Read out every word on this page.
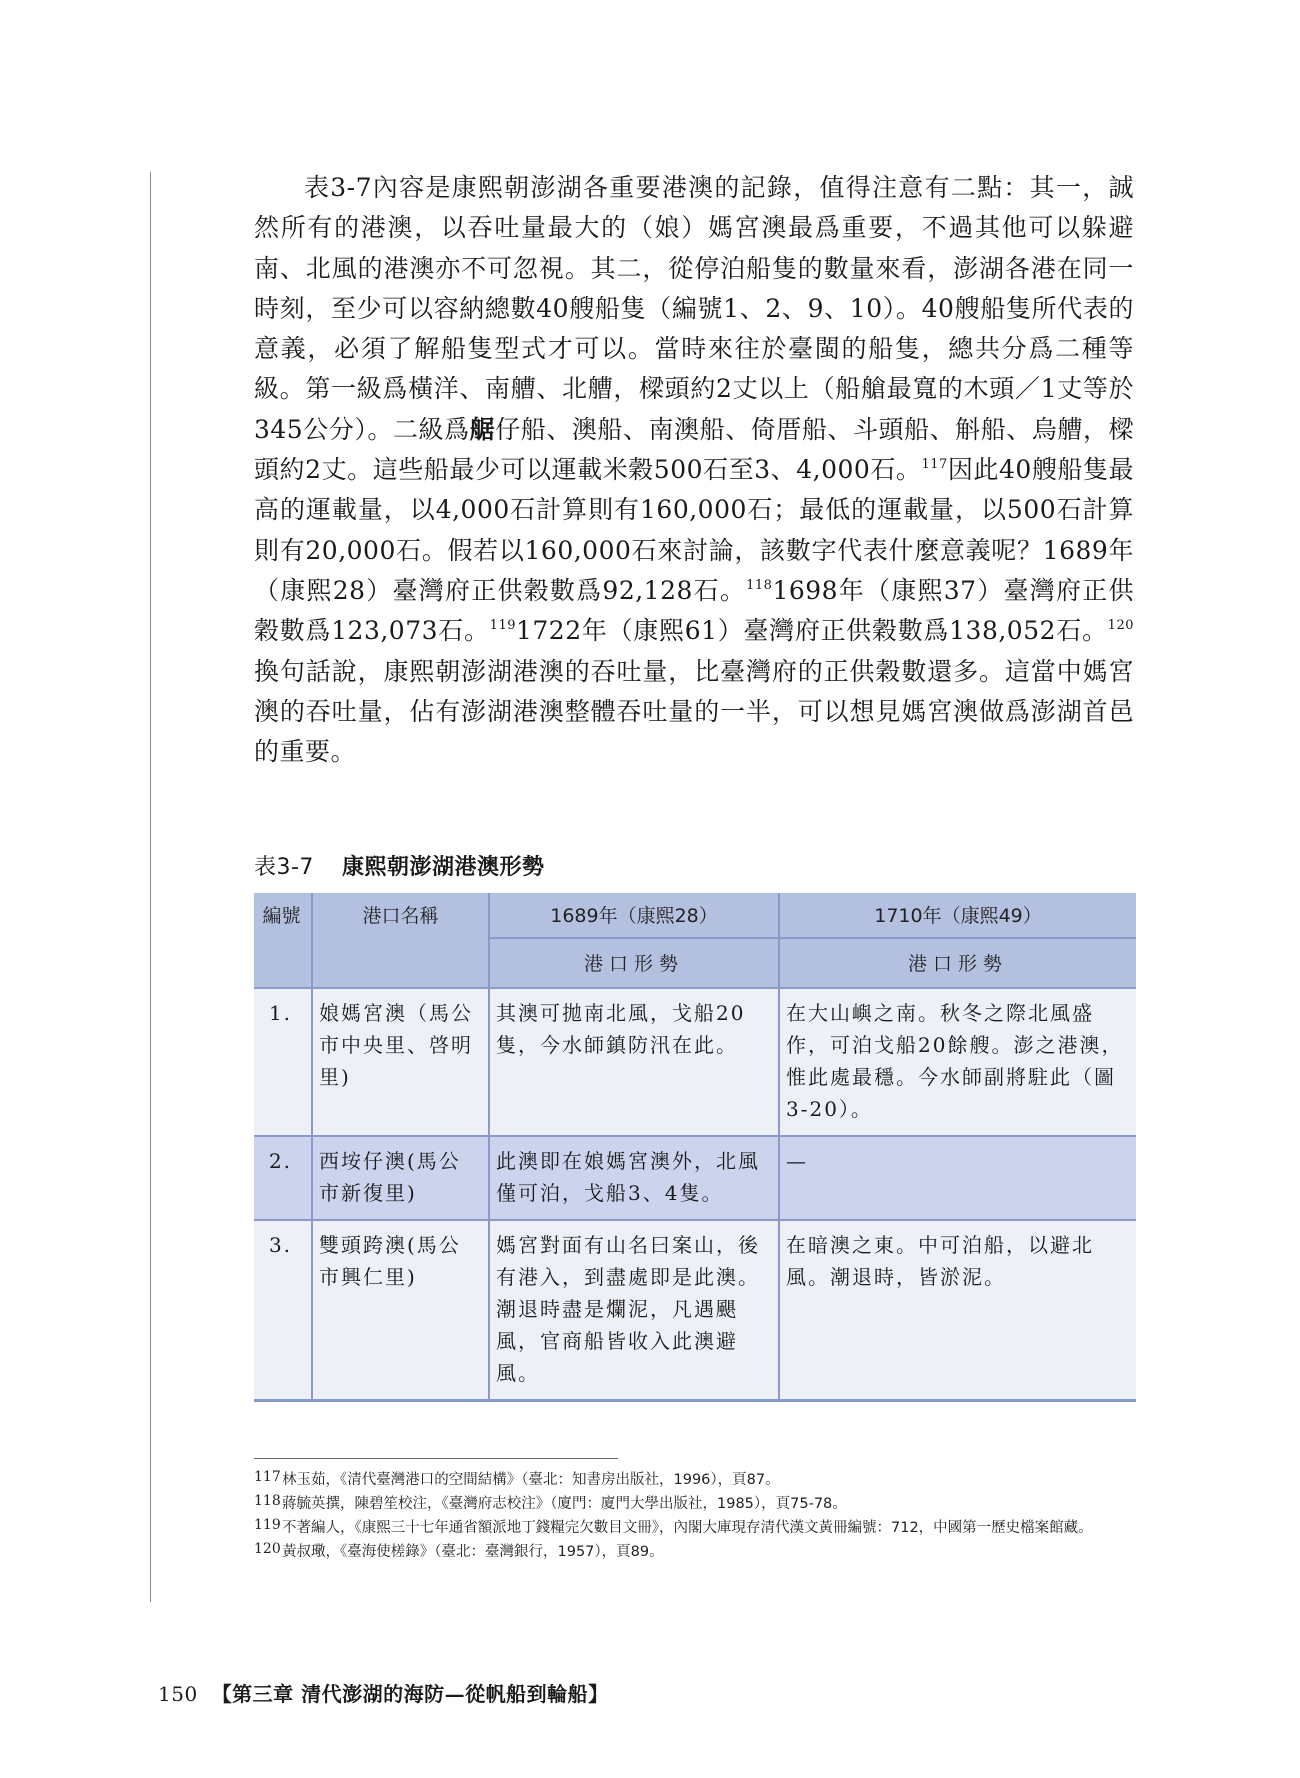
表3-7內容是康熙朝澎湖各重要港澳的記錄，值得注意有二點：其一，誠然所有的港澳，以吞吐量最大的（娘）媽宮澳最爲重要，不過其他可以躲避南、北風的港澳亦不可忽視。其二，從停泊船隻的數量來看，澎湖各港在同一時刻，至少可以容納總數40艘船隻（編號1、2、9、10）。40艘船隻所代表的意義，必須了解船隻型式才可以。當時來往於臺閩的船隻，總共分爲二種等級。第一級爲橫洋、南艚、北艚，樑頭約2丈以上（船艙最寬的木頭／1丈等於345公分）。二級爲艍仔船、澳船、南澳船、倚厝船、斗頭船、斛船、烏艚，樑頭約2丈。這些船最少可以運載米穀500石至3、4,000石。$^{117}$因此40艘船隻最高的運載量，以4,000石計算則有160,000石；最低的運載量，以500石計算則有20,000石。假若以160,000石來討論，該數字代表什麼意義呢？1689年（康熙28）臺灣府正供穀數爲92,128石。$^{118}$1698年（康熙37）臺灣府正供穀數爲123,073石。$^{119}$1722年（康熙61）臺灣府正供穀數爲138,052石。$^{120}$換句話說，康熙朝澎湖港澳的吞吐量，比臺灣府的正供穀數還多。這當中媽宮澳的吞吐量，佔有澎湖港澳整體吞吐量的一半，可以想見媽宮澳做爲澎湖首邑的重要。

表3-7 康熙朝澎湖港澳形勢
編號	港口名稱	1689年（康熙28）	1710年（康熙49）
		港口形勢	港口形勢
1.	娘媽宮澳（馬公市中央里、啓明里)	其澳可拋南北風，戈船20隻，今水師鎮防汛在此。	在大山嶼之南。秋冬之際北風盛作，可泊戈船20餘艘。澎之港澳，惟此處最穩。今水師副將駐此（圖3-20）。
2.	西垵仔澳(馬公市新復里)	此澳即在娘媽宮澳外，北風僅可泊，戈船3、4隻。	—
3.	雙頭跨澳(馬公市興仁里)	媽宮對面有山名曰案山，後有港入，到盡處即是此澳。潮退時盡是爛泥，凡遇颶風，官商船皆收入此澳避風。	在暗澳之東。中可泊船，以避北風。潮退時，皆淤泥。
117 林玉茹，《清代臺灣港口的空間結構》（臺北：知書房出版社，1996），頁87。
118 蔣毓英撰，陳碧笙校注，《臺灣府志校注》（廈門：廈門大學出版社，1985），頁75-78。
119 不著編人，《康熙三十七年通省額派地丁錢糧完欠數目文冊》，內閣大庫現存清代漢文黃冊編號：712，中國第一歷史檔案館藏。
120 黃叔璥，《臺海使槎錄》（臺北：臺灣銀行，1957），頁89。
150 【第三章 清代澎湖的海防—從帆船到輪船】
